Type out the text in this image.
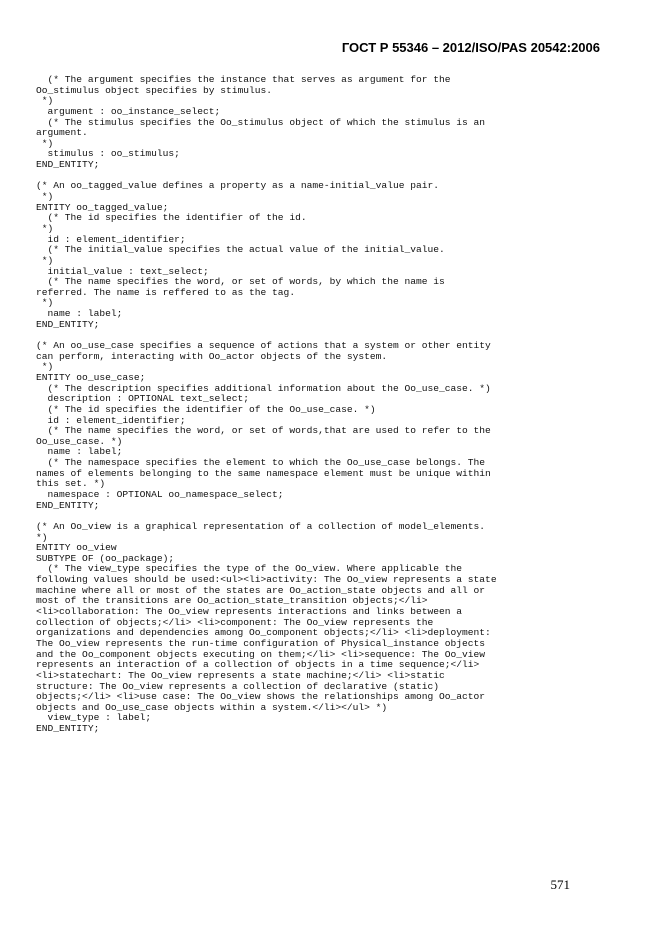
ГОСТ Р 55346 – 2012/ISO/PAS 20542:2006
(* The argument specifies the instance that serves as argument for the
Oo_stimulus object specifies by stimulus.
*)
argument : oo_instance_select;
(* The stimulus specifies the Oo_stimulus object of which the stimulus is an
argument.
*)
stimulus : oo_stimulus;
END_ENTITY;
(* An oo_tagged_value defines a property as a name-initial_value pair.
*)
ENTITY oo_tagged_value;
(* The id specifies the identifier of the id.
*)
id : element_identifier;
(* The initial_value specifies the actual value of the initial_value.
*)
initial_value : text_select;
(* The name specifies the word, or set of words, by which the name is
referred. The name is reffered to as the tag.
*)
name : label;
END_ENTITY;
(* An oo_use_case specifies a sequence of actions that a system or other entity
can perform, interacting with Oo_actor objects of the system.
*)
ENTITY oo_use_case;
(* The description specifies additional information about the Oo_use_case. *)
description : OPTIONAL text_select;
(* The id specifies the identifier of the Oo_use_case. *)
id : element_identifier;
(* The name specifies the word, or set of words,that are used to refer to the
Oo_use_case. *)
name : label;
(* The namespace specifies the element to which the Oo_use_case belongs. The
names of elements belonging to the same namespace element must be unique within
this set. *)
namespace : OPTIONAL oo_namespace_select;
END_ENTITY;
(* An Oo_view is a graphical representation of a collection of model_elements.
*)
ENTITY oo_view
SUBTYPE OF (oo_package);
(* The view_type specifies the type of the Oo_view. Where applicable the
following values should be used:<ul><li>activity: The Oo_view represents a state
machine where all or most of the states are Oo_action_state objects and all or
most of the transitions are Oo_action_state_transition objects;</li>
<li>collaboration: The Oo_view represents interactions and links between a
collection of objects;</li> <li>component: The Oo_view represents the
organizations and dependencies among Oo_component objects;</li> <li>deployment:
The Oo_view represents the run-time configuration of Physical_instance objects
and the Oo_component objects executing on them;</li> <li>sequence: The Oo_view
represents an interaction of a collection of objects in a time sequence;</li>
<li>statechart: The Oo_view represents a state machine;</li> <li>static
structure: The Oo_view represents a collection of declarative (static)
objects;</li> <li>use case: The Oo_view shows the relationships among Oo_actor
objects and Oo_use_case objects within a system.</li></ul> *)
view_type : label;
END_ENTITY;
571
